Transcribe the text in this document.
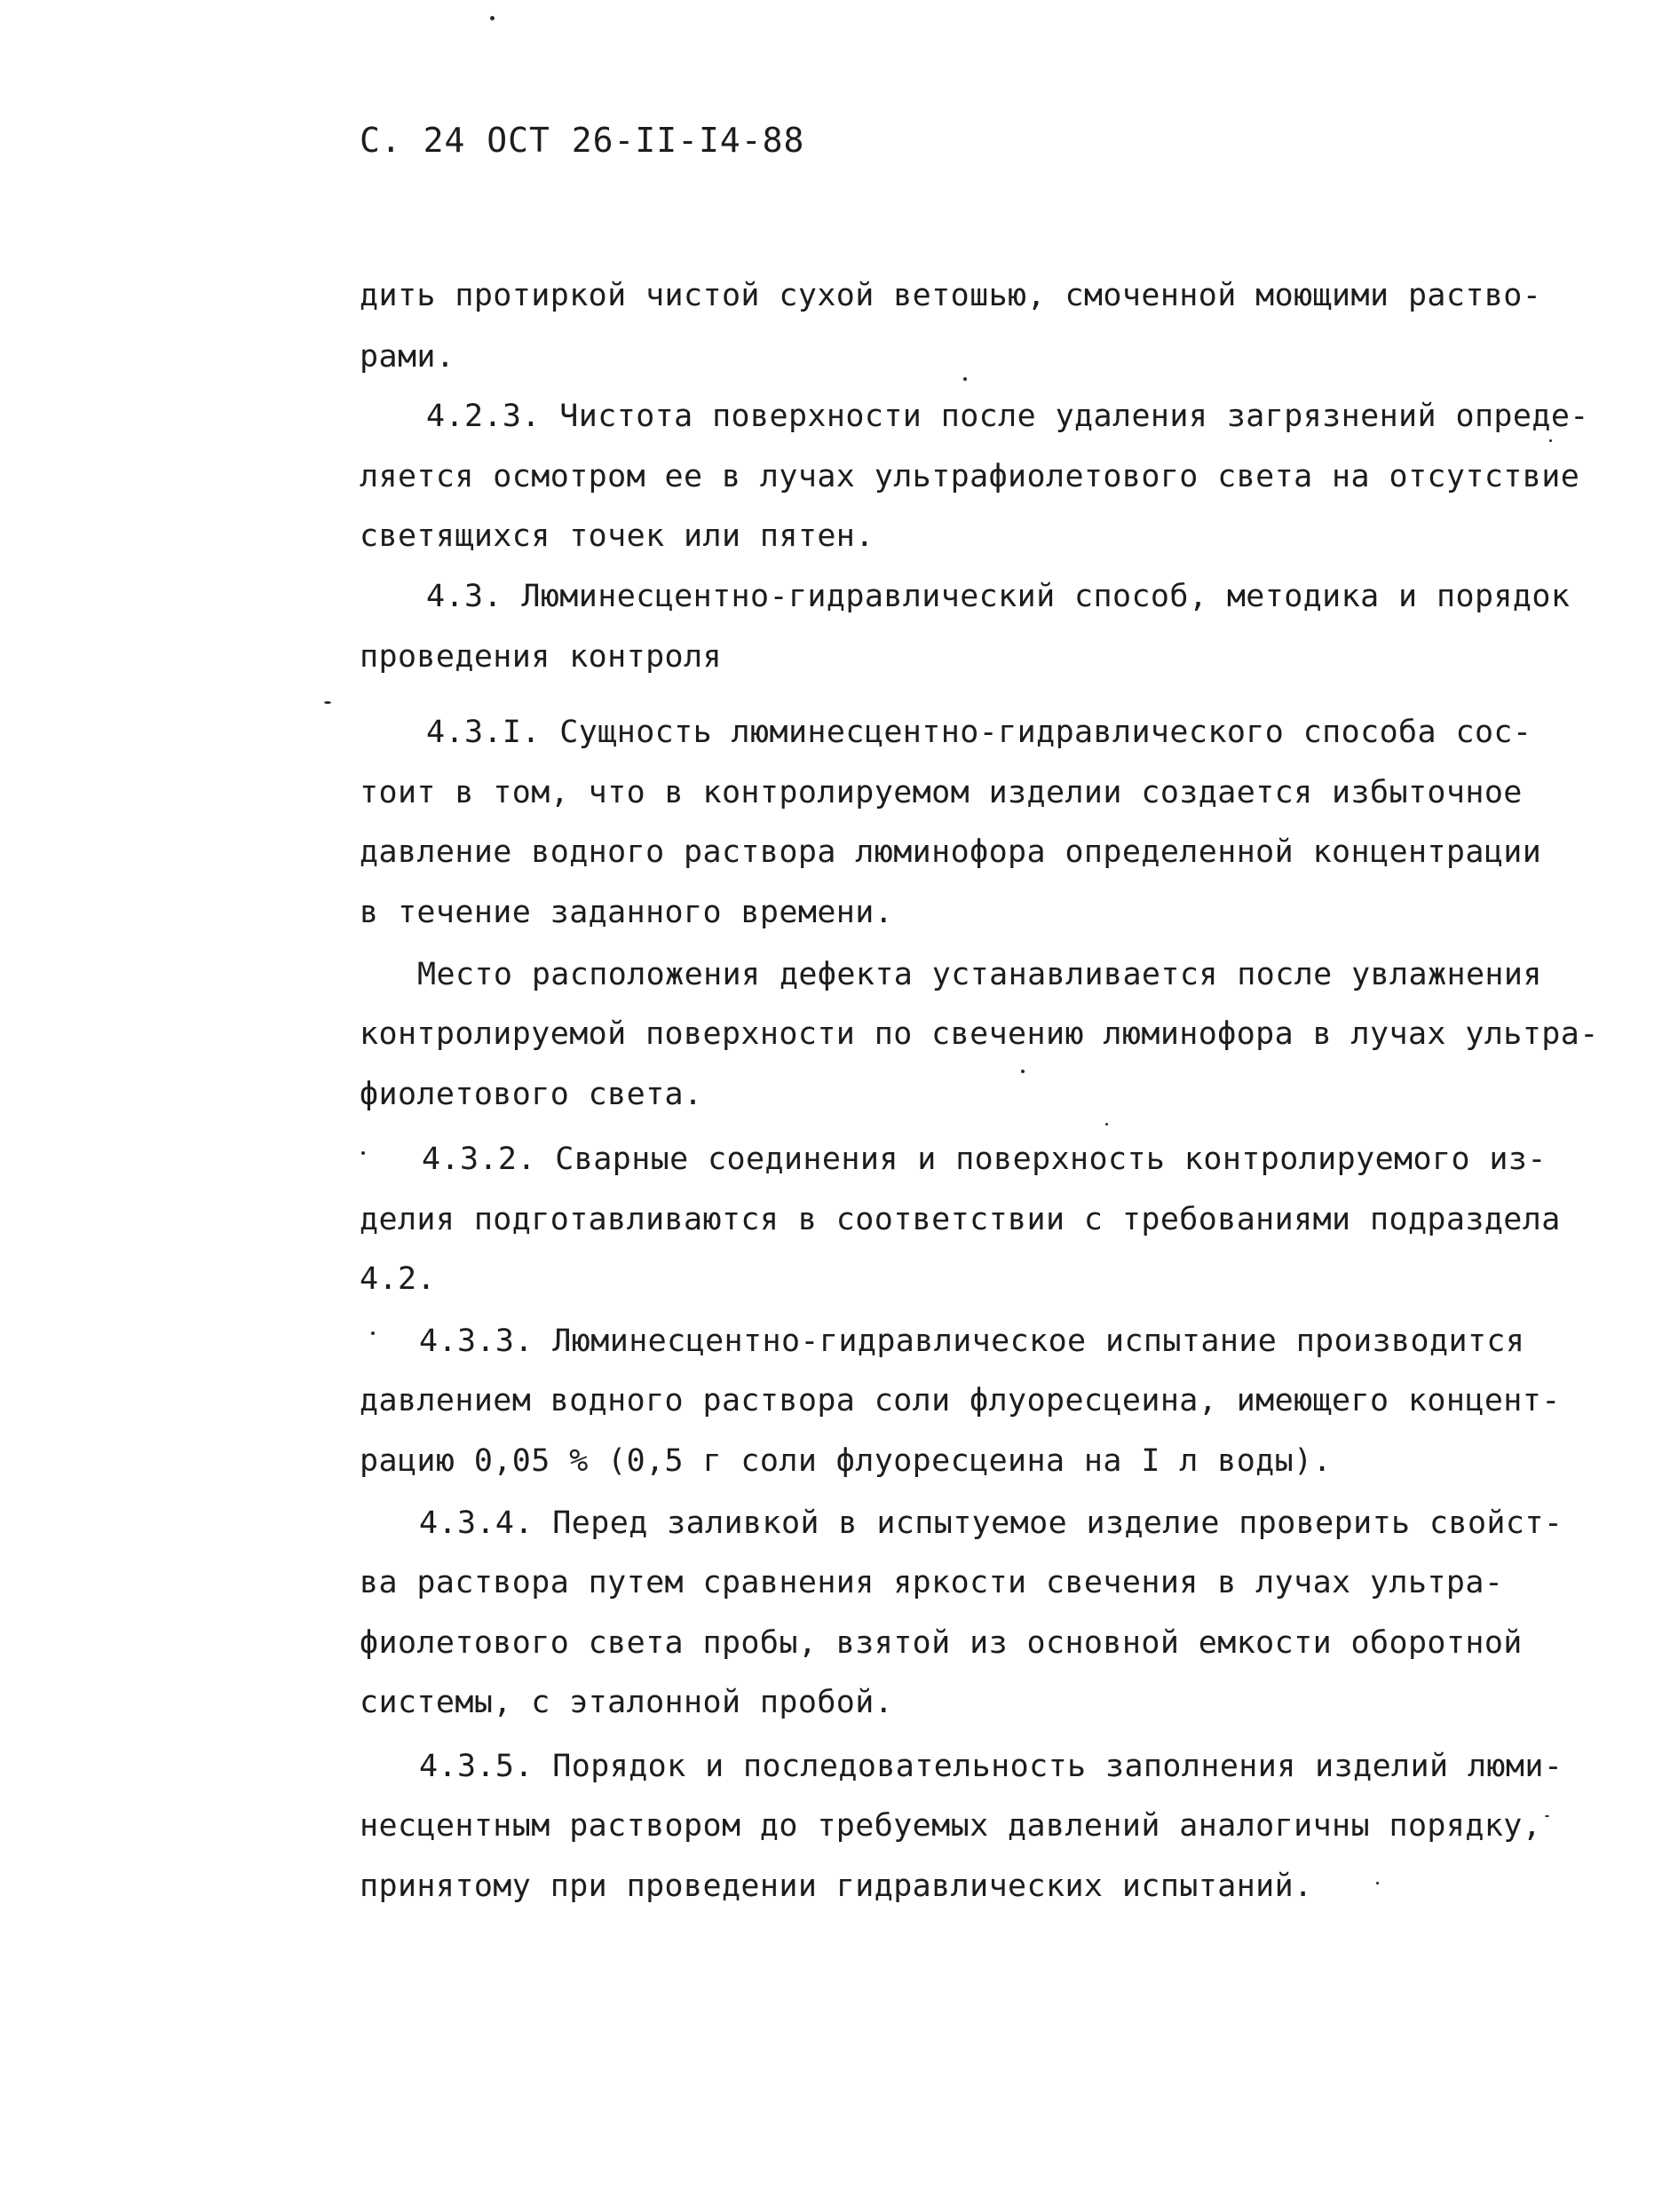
С. 24 ОСТ 26-II-I4-88
дить протиркой чистой сухой ветошью, смоченной моющими раство-
рами.
4.2.3. Чистота поверхности после удаления загрязнений опреде-
ляется осмотром ее в лучах ультрафиолетового света на отсутствие
светящихся точек или пятен.
4.3. Люминесцентно-гидравлический способ, методика и порядок
проведения контроля
4.3.I. Сущность люминесцентно-гидравлического способа сос-
тоит в том, что в контролируемом изделии создается избыточное
давление водного раствора люминофора определенной концентрации
в течение заданного времени.
Место расположения дефекта устанавливается после увлажнения
контролируемой поверхности по свечению люминофора в лучах ультра-
фиолетового света.
4.3.2. Сварные соединения и поверхность контролируемого из-
делия подготавливаются в соответствии с требованиями подраздела
4.2.
4.3.3. Люминесцентно-гидравлическое испытание производится
давлением водного раствора соли флуоресцеина, имеющего концент-
рацию 0,05 % (0,5 г соли флуоресцеина на I л воды).
4.3.4. Перед заливкой в испытуемое изделие проверить свойст-
ва раствора путем сравнения яркости свечения в лучах ультра-
фиолетового света пробы, взятой из основной емкости оборотной
системы, с эталонной пробой.
4.3.5. Порядок и последовательность заполнения изделий люми-
несцентным раствором до требуемых давлений аналогичны порядку,
принятому при проведении гидравлических испытаний.
